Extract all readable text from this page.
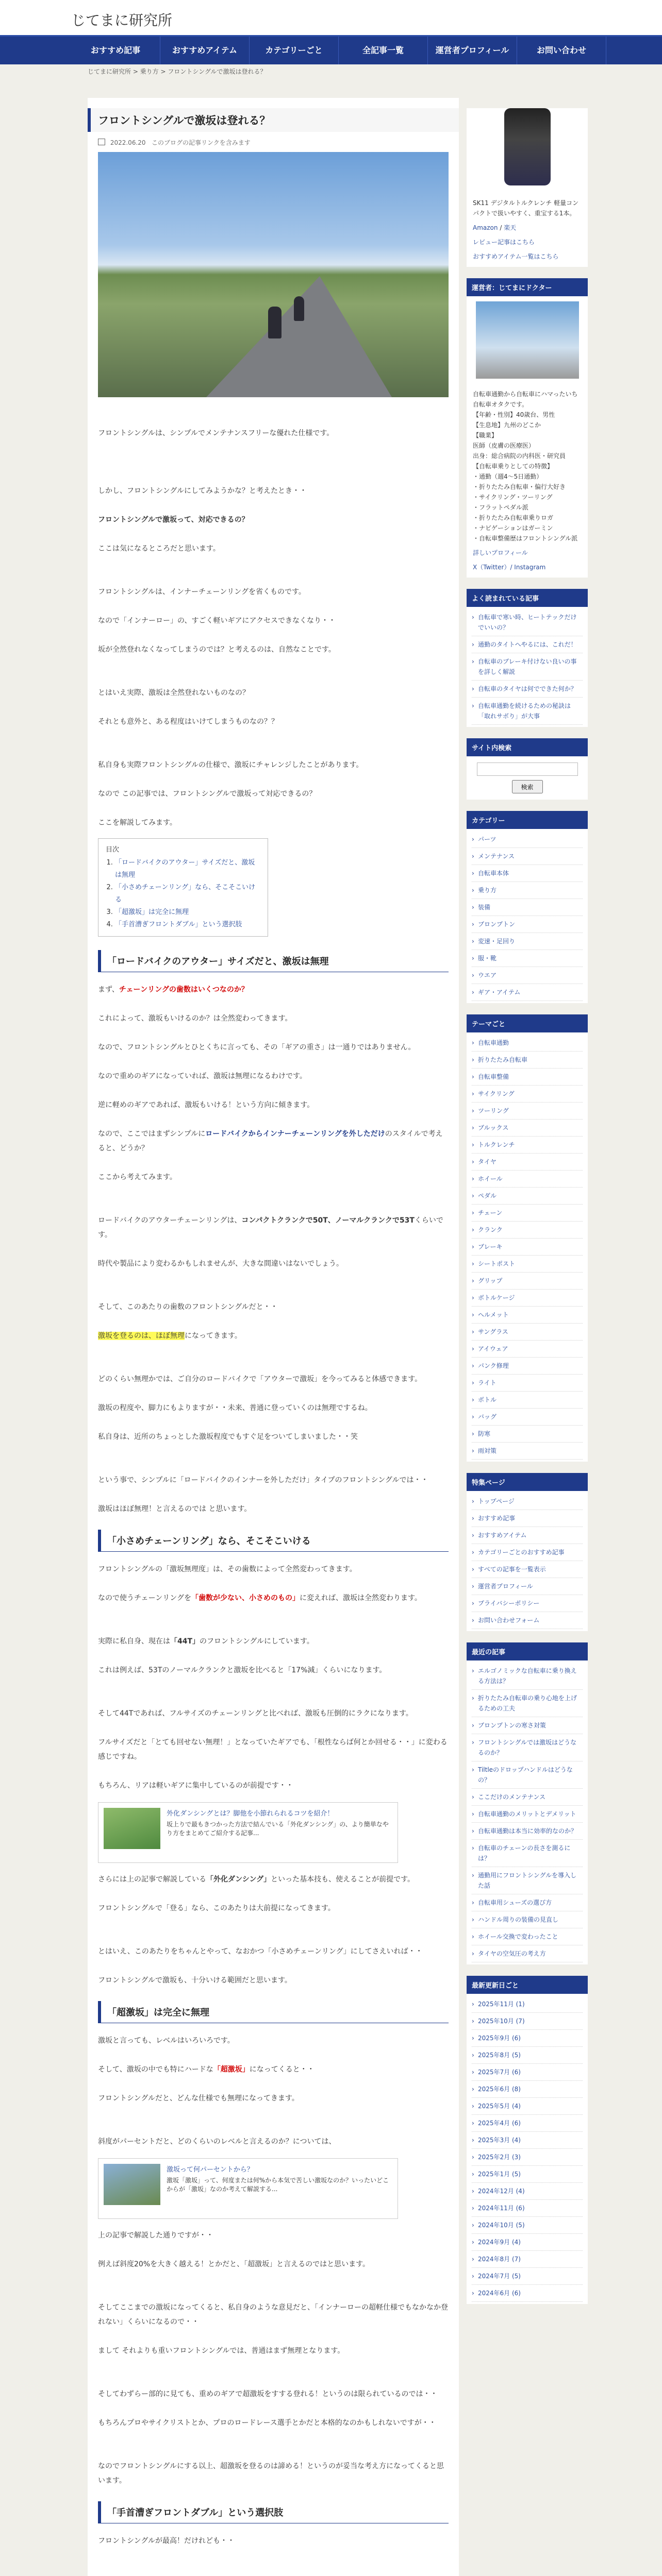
じてまに研究所
おすすめ記事	おすすめアイテム	カテゴリーごと	全記事一覧	運営者プロフィール	お問い合わせ
じてまに研究所 > 乗り方 > フロントシングルで激坂は登れる？
フロントシングルで激坂は登れる？
2022.06.20 このブログの記事リンクを含みます

フロントシングルは、シンプルでメンテナンスフリーな優れた仕様です。

しかし、フロントシングルにしてみようかな？と考えたとき・・

フロントシングルで激坂って、対応できるの？

ここは気になるところだと思います。

フロントシングルは、インナーチェーンリングを省くものです。

なので「インナーロー」の、すごく軽いギアにアクセスできなくなり・・

坂が全然登れなくなってしまうのでは？と考えるのは、自然なことです。

とはいえ実際、激坂は全然登れないものなの？

それとも意外と、ある程度はいけてしまうものなの？？

私自身も実際フロントシングルの仕様で、激坂にチャレンジしたことがあります。

なので この記事では、フロントシングルで激坂って対応できるの？

ここを解説してみます。

目次
1. 「ロードバイクのアウター」サイズだと、激坂は無理
2. 「小さめチェーンリング」なら、そこそこいける
3. 「超激坂」は完全に無理
4. 「手首漕ぎフロントダブル」という選択肢
「ロードバイクのアウター」サイズだと、激坂は無理

まず、チェーンリングの歯数はいくつなのか？

これによって、激坂もいけるのか？は全然変わってきます。

なので、フロントシングルとひとくちに言っても、その「ギアの重さ」は一通りではありません。

なので重めのギアになっていれば、激坂は無理になるわけです。

逆に軽めのギアであれば、激坂もいける！という方向に傾きます。

なので、ここではまずシンプルにロードバイクからインナーチェーンリングを外しただけのスタイルで考えると、どうか？

ここから考えてみます。

ロードバイクのアウターチェーンリングは、コンパクトクランクで50T、ノーマルクランクで53Tくらいです。

時代や製品により変わるかもしれませんが、大きな間違いはないでしょう。

そして、このあたりの歯数のフロントシングルだと・・

激坂を登るのは、ほぼ無理になってきます。

どのくらい無理かでは、ご自分のロードバイクで「アウターで激坂」を今ってみると体感できます。

激坂の程度や、脚力にもよりますが・・未来、普通に登っていくのは無理でするね。

私自身は、近所のちょっとした激坂程度でもすぐ足をついてしまいました・・笑

という事で、シンプルに「ロードバイクのインナーを外しただけ」タイプのフロントシングルでは・・

激坂はほぼ無理！と言えるのでは と思います。

「小さめチェーンリング」なら、そこそこいける

フロントシングルの「激坂無理度」は、その歯数によって全然変わってきます。

なので使うチェーンリングを「歯数が少ない、小さめのもの」に変えれば、激坂は全然変わります。

実際に私自身、現在は「44T」のフロントシングルにしています。

これは例えば、53Tのノーマルクランクと激坂を比べると「17%減」くらいになります。

そして44Tであれば、フルサイズのチェーンリングと比べれば、激坂も圧倒的にラクになります。

フルサイズだと「とても回せない無理！」となっていたギアでも、「根性ならば何とか回せる・・」に変わる感じですね。

もちろん、リアは軽いギアに集中しているのが前提です・・

外化ダンシングとは？脚他を小節れられるコツを紹介！
坂上りで最もきつかった方法で結んでいる「外化ダンシング」の、より簡単なやり方をまとめてご紹介する記事...

さらには上の記事で解説している「外化ダンシング」といった基本技も、使えることが前提です。

フロントシングルで「登る」なら、このあたりは大前提になってきます。

とはいえ、このあたりをちゃんとやって、なおかつ「小さめチェーンリング」にしてさえいれば・・

フロントシングルで激坂も、十分いける範囲だと思います。

「超激坂」は完全に無理

激坂と言っても、レベルはいろいろです。

そして、激坂の中でも特にハードな「超激坂」になってくると・・

フロントシングルだと、どんな仕様でも無理になってきます。

斜度がパーセントだと、どのくらいのレベルと言えるのか？については、

激坂って何パーセントから？
激坂「激坂」って、何度または何%から本気で苦しい激坂なのか？いったいどこからが「激坂」なのか考えて解説する...

上の記事で解説した通りですが・・

例えば斜度20%を大きく越える！とかだと、「超激坂」と言えるのではと思います。

そしてここまでの激坂になってくると、私自身のような意見だと、「インナーローの超軽仕様でもなかなか登れない」くらいになるので・・

まして それよりも重いフロントシングルでは、普通はまず無理となります。

そしてわずらー部的に見ても、重めのギアで超激坂をすする登れる！というのは限られているのでは・・

もちろんプロやサイクリストとか、プロのロードレース選手とかだと本格的なのかもしれないですが・・

なのでフロントシングルにする以上、超激坂を登るのは諦める！というのが妥当な考え方になってくると思います。

「手首漕ぎフロントダブル」という選択肢

フロントシングルが最高！だけれども・・

SK11 デジタルトルクレンチ 軽量コンパクトで扱いやすく、重宝する1本。
Amazon / 楽天
レビュー記事はこちら
おすすめアイテム一覧はこちら
運営者：じてまにドクター
自転車通勤から自転車にハマったいち自転車オタクです。
【年齢・性別】40歳台、男性
【生息地】九州のどこか
【職業】
医師（皮膚の医療医）
出身：総合病院の内科医・研究員
【自転車乗りとしての特徴】
・通勤（週4〜5日通勤）
・折りたたみ自転車・偏行大好き
・サイクリング・ツーリング
・フラットペダル派
・折りたたみ自転車乗りロガ
・ナビゲーションはガーミン
・自転車整備歴はフロントシングル派
詳しいプロフィール
X（Twitter）/ Instagram
よく読まれている記事
› 自転車で寒い時、ヒートテックだけでいいの？
› 通勤のタイトへやるには、これだ！
› 自転車のブレーキ付けない良いの事を詳しく解説
› 自転車のタイヤは何でできた何か？
› 自転車通勤を続けるための秘訣は「取れサボり」が大事
サイト内検索
検索
カテゴリー
› パーツ
› メンテナンス
› 自転車本体
› 乗り方
› 装備
› ブロンプトン
› 変速・足回り
› 服・靴
› ウエア
› ギア・アイテム
テーマごと
› 自転車通勤
› 折りたたみ自転車
› 自転車整備
› サイクリング
› ツーリング
› ブルックス
› トルクレンチ
› タイヤ
› ホイール
› ペダル
› チェーン
› クランク
› ブレーキ
› シートポスト
› グリップ
› ボトルケージ
› ヘルメット
› サングラス
› アイウェア
› パンク修理
› ライト
› ボトル
› バッグ
› 防寒
› 雨対策
特集ページ
› トップページ
› おすすめ記事
› おすすめアイテム
› カテゴリーごとのおすすめ記事
› すべての記事を一覧表示
› 運営者プロフィール
› プライバシーポリシー
› お問い合わせフォーム
最近の記事
› エルゴノミックな自転車に乗り換える方法は？
› 折りたたみ自転車の乗り心地を上げるための工夫
› ブロンプトンの寒さ対策
› フロントシングルでは激坂はどうなるのか？
› Tiltleのドロップハンドルはどうなの？
› ここだけのメンテナンス
› 自転車通勤のメリットとデメリット
› 自転車通勤は本当に効率的なのか？
› 自転車のチェーンの長さを測るには？
› 通勤用にフロントシングルを導入した話
› 自転車用シューズの選び方
› ハンドル周りの装備の見直し
› ホイール交換で変わったこと
› タイヤの空気圧の考え方
最新更新日ごと
› 2025年11月 (1)
› 2025年10月 (7)
› 2025年9月 (6)
› 2025年8月 (5)
› 2025年7月 (6)
› 2025年6月 (8)
› 2025年5月 (4)
› 2025年4月 (6)
› 2025年3月 (4)
› 2025年2月 (3)
› 2025年1月 (5)
› 2024年12月 (4)
› 2024年11月 (6)
› 2024年10月 (5)
› 2024年9月 (4)
› 2024年8月 (7)
› 2024年7月 (5)
› 2024年6月 (6)
